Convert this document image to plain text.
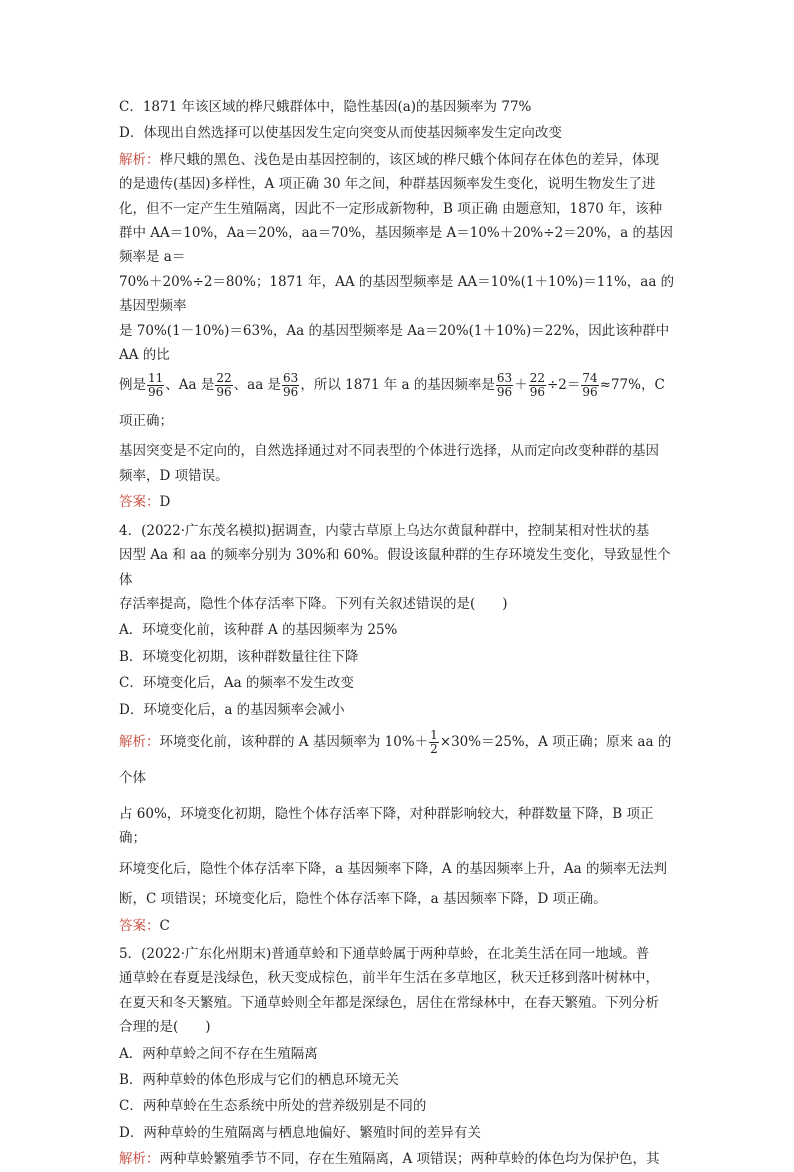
C．1871 年该区域的桦尺蛾群体中，隐性基因(a)的基因频率为 77%

D．体现出自然选择可以使基因发生定向突变从而使基因频率发生定向改变

解析：桦尺蛾的黑色、浅色是由基因控制的，该区域的桦尺蛾个体间存在体色的差异，体现

的是遗传(基因)多样性，A 项正确 30 年之间，种群基因频率发生变化，说明生物发生了进

化，但不一定产生生殖隔离，因此不一定形成新物种，B 项正确 由题意知，1870 年，该种

群中 AA＝10%，Aa＝20%，aa＝70%，基因频率是 A＝10%＋20%÷2＝20%，a 的基因频率是 a＝

70%＋20%÷2＝80%；1871 年，AA 的基因型频率是 AA＝10%(1＋10%)＝11%，aa 的基因型频率

是 70%(1－10%)＝63%，Aa 的基因型频率是 Aa＝20%(1＋10%)＝22%，因此该种群中 AA 的比

例是 $\frac{11}{96}$ 、Aa 是 $\frac{22}{96}$ 、aa 是 $\frac{63}{96}$ ，所以 1871 年 a 的基因频率是 $\frac{63}{96} + \frac{22}{96} \div 2= \frac{74}{96} \approx 77\%$，C 项正确；

基因突变是不定向的，自然选择通过对不同表型的个体进行选择，从而定向改变种群的基因

频率，D 项错误。

答案：D

4．(2022·广东茂名模拟)据调查，内蒙古草原上乌达尔黄鼠种群中，控制某相对性状的基

因型 Aa 和 aa 的频率分别为 30%和 60%。假设该鼠种群的生存环境发生变化，导致显性个体

存活率提高，隐性个体存活率下降。下列有关叙述错误的是(　　)

A．环境变化前，该种群 A 的基因频率为 25%

B．环境变化初期，该种群数量往往下降

C．环境变化后，Aa 的频率不发生改变

D．环境变化后，a 的基因频率会减小

解析：环境变化前，该种群的 A 基因频率为 $10\%+ \frac{1}{2} \times 30\%=25\%$，A 项正确；原来 aa 的个体

占 60%，环境变化初期，隐性个体存活率下降，对种群影响较大，种群数量下降，B 项正确；

环境变化后，隐性个体存活率下降，a 基因频率下降，A 的基因频率上升，Aa 的频率无法判

断，C 项错误；环境变化后，隐性个体存活率下降，a 基因频率下降，D 项正确。

答案：C

5．(2022·广东化州期末)普通草蛉和下通草蛉属于两种草蛉，在北美生活在同一地域。普

通草蛉在春夏是浅绿色，秋天变成棕色，前半年生活在多草地区，秋天迁移到落叶树林中，

在夏天和冬天繁殖。下通草蛉则全年都是深绿色，居住在常绿林中，在春天繁殖。下列分析

合理的是(　　)

A．两种草蛉之间不存在生殖隔离

B．两种草蛉的体色形成与它们的栖息环境无关

C．两种草蛉在生态系统中所处的营养级别是不同的

D．两种草蛉的生殖隔离与栖息地偏好、繁殖时间的差异有关

解析：两种草蛉繁殖季节不同，存在生殖隔离，A 项错误；两种草蛉的体色均为保护色，其
